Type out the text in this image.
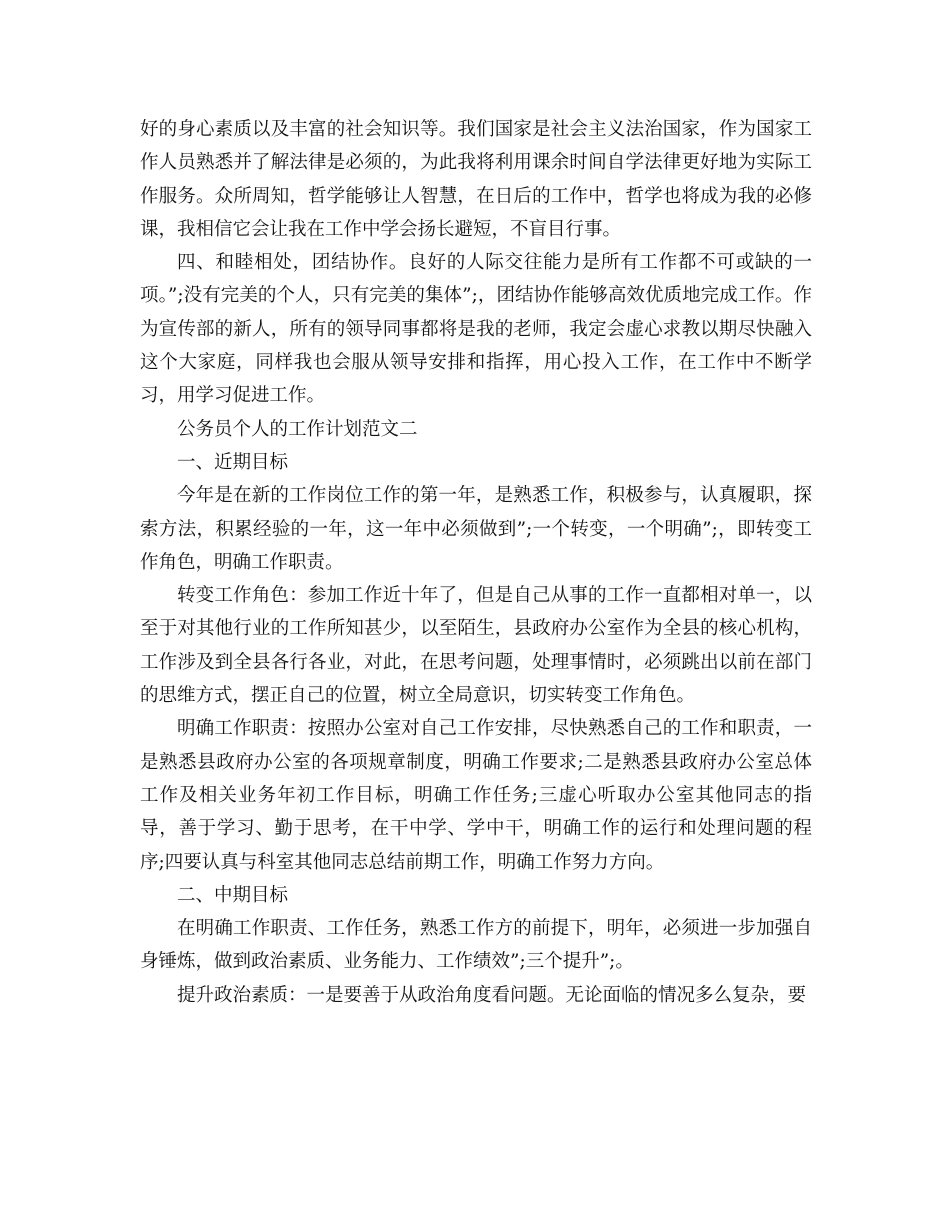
好的身心素质以及丰富的社会知识等。我们国家是社会主义法治国家，作为国家工作人员熟悉并了解法律是必须的，为此我将利用课余时间自学法律更好地为实际工作服务。众所周知，哲学能够让人智慧，在日后的工作中，哲学也将成为我的必修课，我相信它会让我在工作中学会扬长避短，不盲目行事。

四、和睦相处，团结协作。良好的人际交往能力是所有工作都不可或缺的一项。”;没有完美的个人，只有完美的集体”;，团结协作能够高效优质地完成工作。作为宣传部的新人，所有的领导同事都将是我的老师，我定会虚心求教以期尽快融入这个大家庭，同样我也会服从领导安排和指挥，用心投入工作，在工作中不断学习，用学习促进工作。

公务员个人的工作计划范文二

一、近期目标

今年是在新的工作岗位工作的第一年，是熟悉工作，积极参与，认真履职，探索方法，积累经验的一年，这一年中必须做到”;一个转变，一个明确”;，即转变工作角色，明确工作职责。

转变工作角色：参加工作近十年了，但是自己从事的工作一直都相对单一，以至于对其他行业的工作所知甚少，以至陌生，县政府办公室作为全县的核心机构，工作涉及到全县各行各业，对此，在思考问题，处理事情时，必须跳出以前在部门的思维方式，摆正自己的位置，树立全局意识，切实转变工作角色。

明确工作职责：按照办公室对自己工作安排，尽快熟悉自己的工作和职责，一是熟悉县政府办公室的各项规章制度，明确工作要求;二是熟悉县政府办公室总体工作及相关业务年初工作目标，明确工作任务;三虚心听取办公室其他同志的指导，善于学习、勤于思考，在干中学、学中干，明确工作的运行和处理问题的程序;四要认真与科室其他同志总结前期工作，明确工作努力方向。

二、中期目标

在明确工作职责、工作任务，熟悉工作方的前提下，明年，必须进一步加强自身锤炼，做到政治素质、业务能力、工作绩效”;三个提升”;。

提升政治素质：一是要善于从政治角度看问题。无论面临的情况多么复杂，要
